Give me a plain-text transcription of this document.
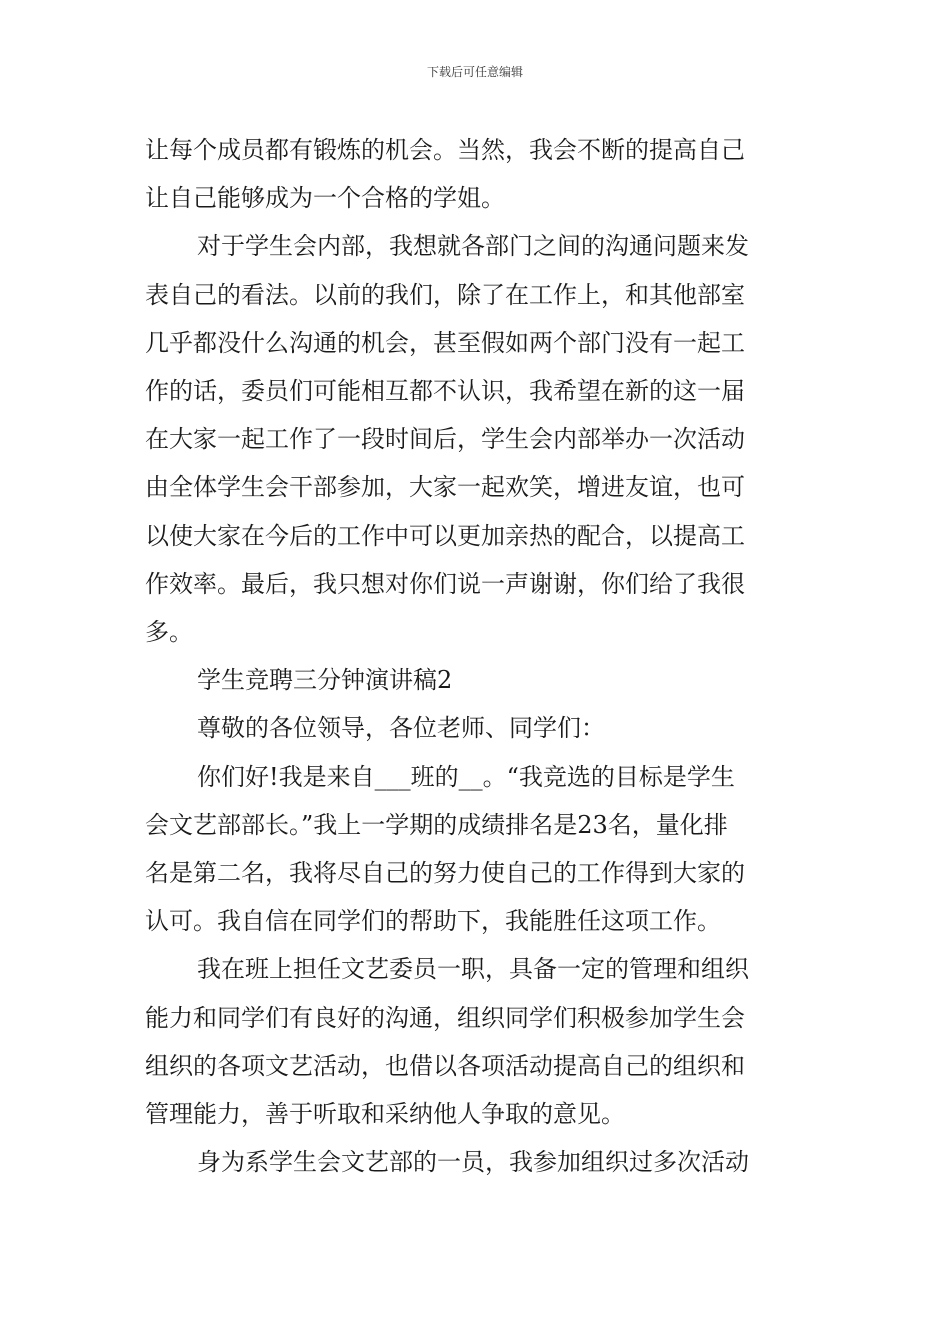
下载后可任意编辑

让每个成员都有锻炼的机会。当然，我会不断的提高自己
让自己能够成为一个合格的学姐。

对于学生会内部，我想就各部门之间的沟通问题来发
表自己的看法。以前的我们，除了在工作上，和其他部室
几乎都没什么沟通的机会，甚至假如两个部门没有一起工
作的话，委员们可能相互都不认识，我希望在新的这一届
在大家一起工作了一段时间后，学生会内部举办一次活动
由全体学生会干部参加，大家一起欢笑，增进友谊，也可
以使大家在今后的工作中可以更加亲热的配合，以提高工
作效率。最后，我只想对你们说一声谢谢，你们给了我很
多。

学生竞聘三分钟演讲稿2

尊敬的各位领导，各位老师、同学们：

你们好!我是来自___班的__。“我竞选的目标是学生
会文艺部部长。”我上一学期的成绩排名是23名，量化排
名是第二名，我将尽自己的努力使自己的工作得到大家的
认可。我自信在同学们的帮助下，我能胜任这项工作。

我在班上担任文艺委员一职，具备一定的管理和组织
能力和同学们有良好的沟通，组织同学们积极参加学生会
组织的各项文艺活动，也借以各项活动提高自己的组织和
管理能力，善于听取和采纳他人争取的意见。

身为系学生会文艺部的一员，我参加组织过多次活动
